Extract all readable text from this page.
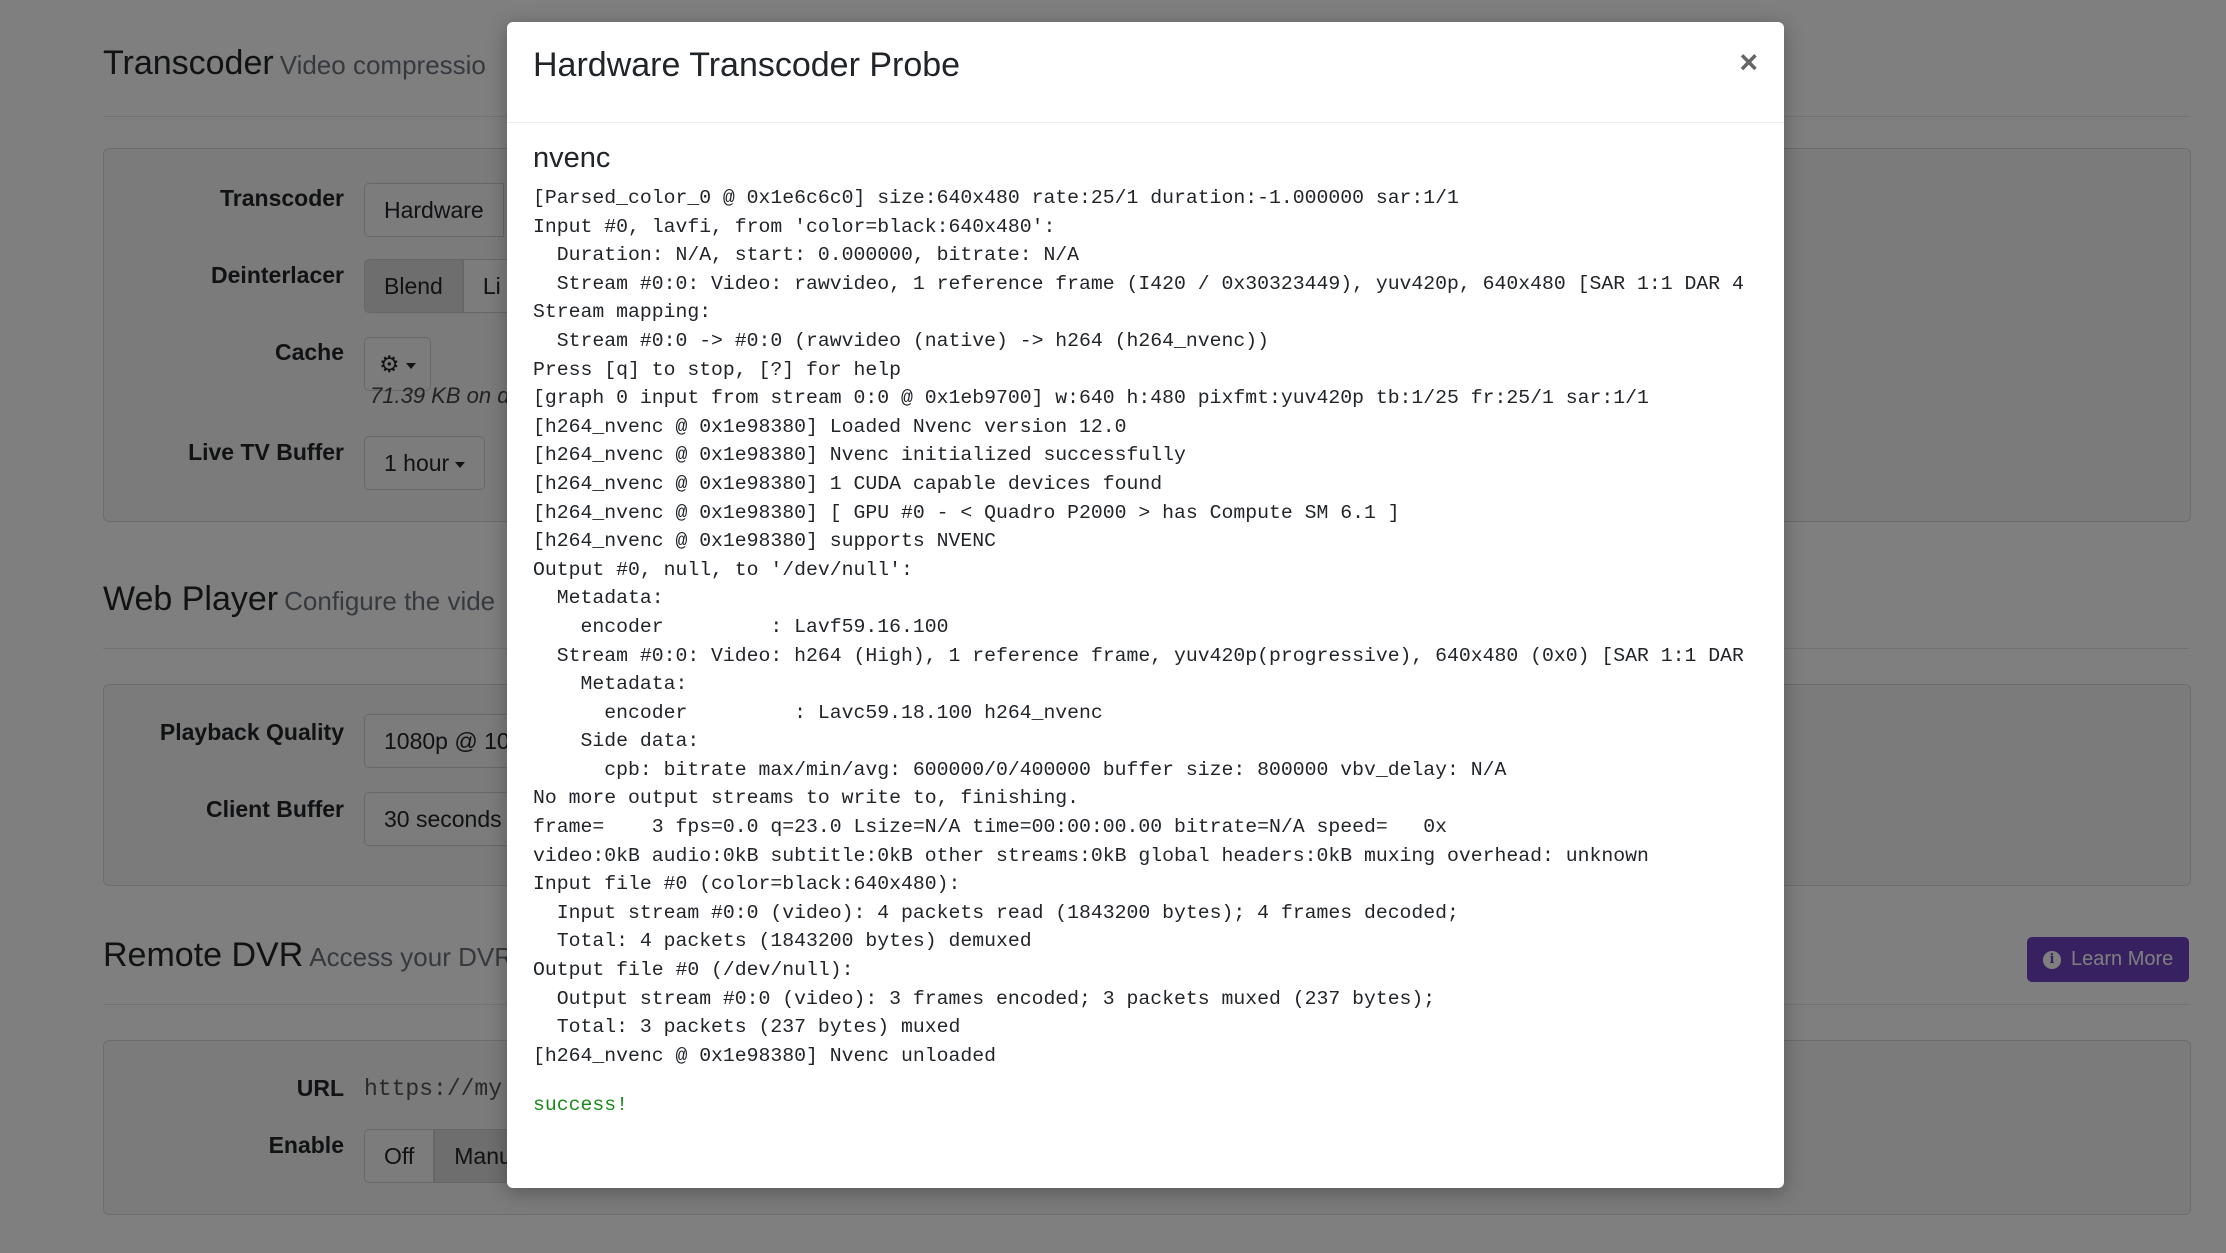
Hardware Transcoder Probe	×
nvenc
[Parsed_color_0 @ 0x1e6c6c0] size:640x480 rate:25/1 duration:-1.000000 sar:1/1
Input #0, lavfi, from 'color=black:640x480':
Duration: N/A, start: 0.000000, bitrate: N/A
Stream #0:0: Video: rawvideo, 1 reference frame (I420 / 0x30323449), yuv420p, 640x480 [SAR 1:1 DAR 4
Stream mapping:
Stream #0:0 -> #0:0 (rawvideo (native) -> h264 (h264_nvenc))
Press [q] to stop, [?] for help
[graph 0 input from stream 0:0 @ 0x1eb9700] w:640 h:480 pixfmt:yuv420p tb:1/25 fr:25/1 sar:1/1
[h264_nvenc @ 0x1e98380] Loaded Nvenc version 12.0
[h264_nvenc @ 0x1e98380] Nvenc initialized successfully
[h264_nvenc @ 0x1e98380] 1 CUDA capable devices found
[h264_nvenc @ 0x1e98380] [ GPU #0 - < Quadro P2000 > has Compute SM 6.1 ]
[h264_nvenc @ 0x1e98380] supports NVENC
Output #0, null, to '/dev/null':
Metadata:
encoder         : Lavf59.16.100
Stream #0:0: Video: h264 (High), 1 reference frame, yuv420p(progressive), 640x480 (0x0) [SAR 1:1 DAR
Metadata:
encoder         : Lavc59.18.100 h264_nvenc
Side data:
cpb: bitrate max/min/avg: 600000/0/400000 buffer size: 800000 vbv_delay: N/A
No more output streams to write to, finishing.
frame=    3 fps=0.0 q=23.0 Lsize=N/A time=00:00:00.00 bitrate=N/A speed=   0x
video:0kB audio:0kB subtitle:0kB other streams:0kB global headers:0kB muxing overhead: unknown
Input file #0 (color=black:640x480):
Input stream #0:0 (video): 4 packets read (1843200 bytes); 4 frames decoded;
Total: 4 packets (1843200 bytes) demuxed
Output file #0 (/dev/null):
Output stream #0:0 (video): 3 frames encoded; 3 packets muxed (237 bytes);
Total: 3 packets (237 bytes) muxed
[h264_nvenc @ 0x1e98380] Nvenc unloaded
success!
